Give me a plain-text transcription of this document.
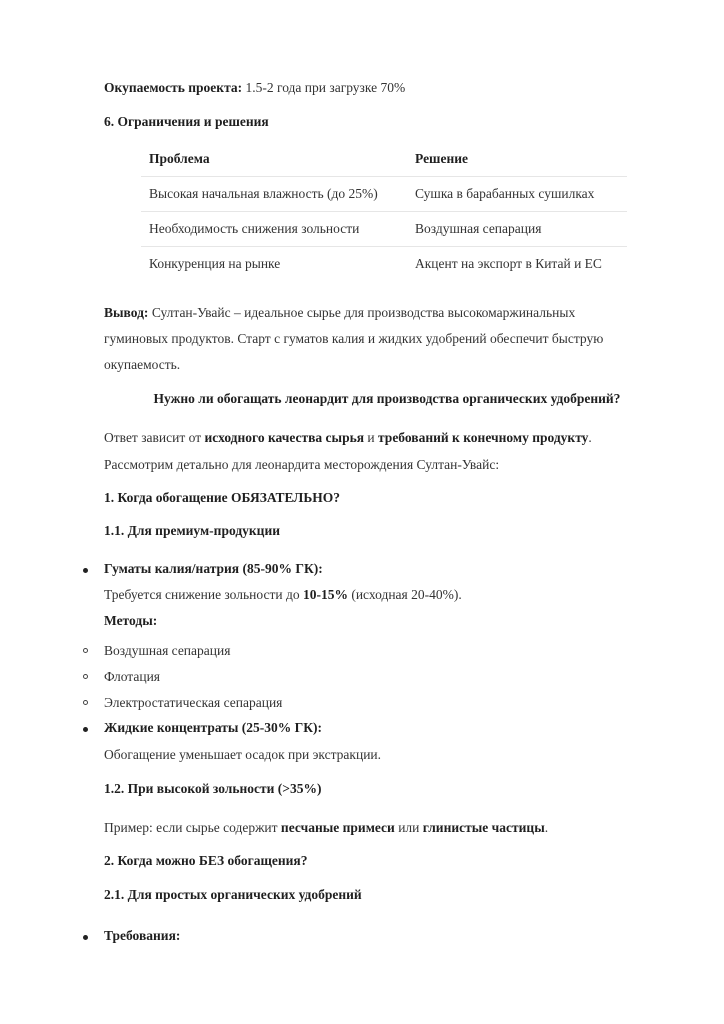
Окупаемость проекта: 1.5-2 года при загрузке 70%
6. Ограничения и решения
Проблема	Решение
Высокая начальная влажность (до 25%)	Сушка в барабанных сушилках
Необходимость снижения зольности	Воздушная сепарация
Конкуренция на рынке	Акцент на экспорт в Китай и ЕС
Вывод: Султан-Увайс – идеальное сырье для производства высокомаржинальных
гуминовых продуктов. Старт с гуматов калия и жидких удобрений обеспечит быструю
окупаемость.
Нужно ли обогащать леонардит для производства органических удобрений?
Ответ зависит от исходного качества сырья и требований к конечному продукту.
Рассмотрим детально для леонардита месторождения Султан-Увайс:
1. Когда обогащение ОБЯЗАТЕЛЬНО?
1.1. Для премиум-продукции
Гуматы калия/натрия (85-90% ГК):
Требуется снижение зольности до 10-15% (исходная 20-40%).
Методы:
Воздушная сепарация
Флотация
Электростатическая сепарация
Жидкие концентраты (25-30% ГК):
Обогащение уменьшает осадок при экстракции.
1.2. При высокой зольности (>35%)
Пример: если сырье содержит песчаные примеси или глинистые частицы.
2. Когда можно БЕЗ обогащения?
2.1. Для простых органических удобрений
Требования:
